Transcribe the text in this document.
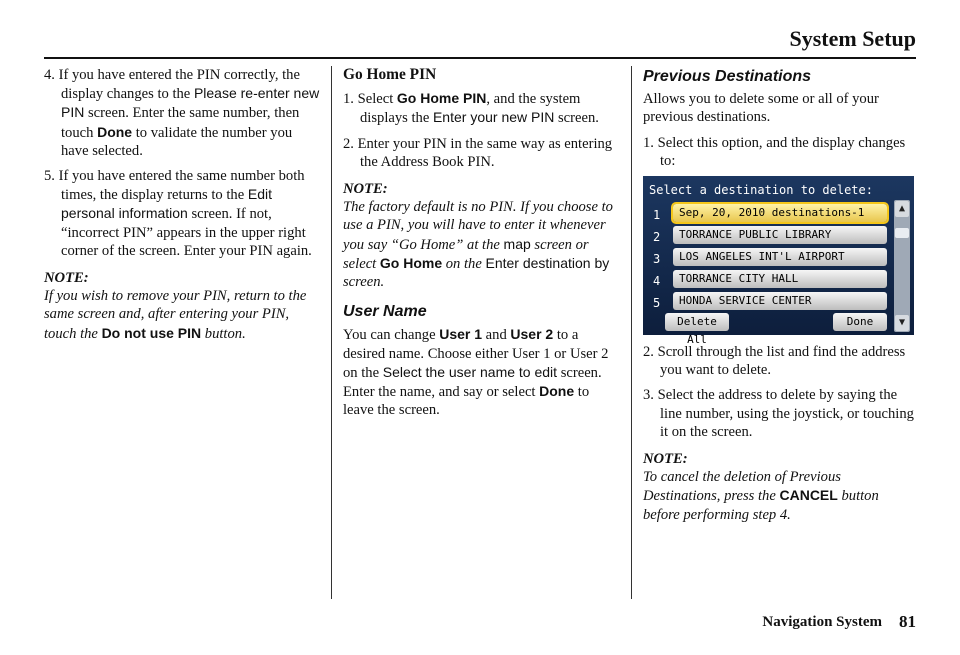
System Setup
4. If you have entered the PIN correctly, the display changes to the Please re-enter new PIN screen. Enter the same number, then touch Done to validate the number you have selected.
5. If you have entered the same number both times, the display returns to the Edit personal information screen. If not, “incorrect PIN” appears in the upper right corner of the screen. Enter your PIN again.
NOTE:
If you wish to remove your PIN, return to the same screen and, after entering your PIN, touch the Do not use PIN button.
Go Home PIN
1. Select Go Home PIN, and the system displays the Enter your new PIN screen.
2. Enter your PIN in the same way as entering the Address Book PIN.
NOTE:
The factory default is no PIN. If you choose to use a PIN, you will have to enter it whenever you say “Go Home” at the map screen or select Go Home on the Enter destination by screen.
User Name

You can change User 1 and User 2 to a desired name. Choose either User 1 or User 2 on the Select the user name to edit screen. Enter the name, and say or select Done to leave the screen.

Previous Destinations

Allows you to delete some or all of your previous destinations.

1. Select this option, and the display changes to:
Select a destination to delete:
1	Sep, 20, 2010 destinations-1
2	TORRANCE PUBLIC LIBRARY
3	LOS ANGELES INT'L AIRPORT
4	TORRANCE CITY HALL
5	HONDA SERVICE CENTER
Delete All
Done
▲
▼
2. Scroll through the list and find the address you want to delete.
3. Select the address to delete by saying the line number, using the joystick, or touching it on the screen.
NOTE:
To cancel the deletion of Previous Destinations, press the CANCEL button before performing step 4.
Navigation System 81
